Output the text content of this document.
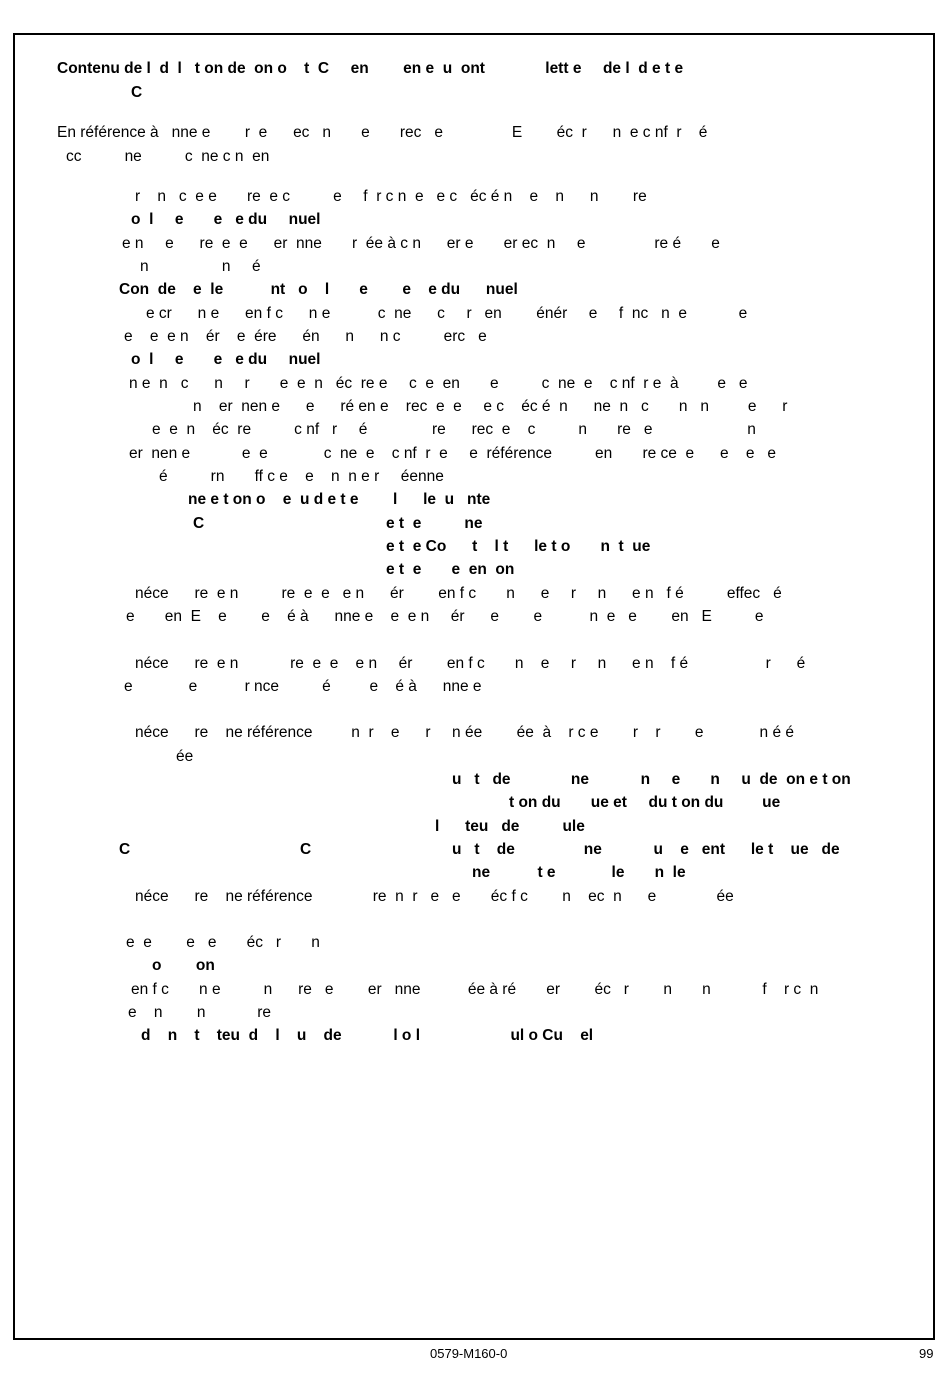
Contenu de l  d  l   t on de  on o    t  C     en        en e  u  ont              lett e     de l  d e t e
C
En référence à   nne e        r  e      ec   n       e       rec   e                E        éc  r      n  e c nf  r    é
cc          ne          c  ne c n  en
r    n   c  e e       re  e c          e     f  r c n  e   e c   éc é n    e    n      n        re
o  l     e       e   e du     nuel
e n     e      re  e  e      er  nne       r  ée à c n      er e       er ec  n     e                re é       e
n                 n     é
Con  de    e  le           nt   o    l       e        e    e du      nuel
e cr      n e      en f c      n e           c  ne      c     r   en        énér     e     f  nc   n  e            e
e    e  e n    ér    e  ére      én      n      n c          erc   e
o  l     e       e   e du     nuel
n e  n   c      n     r       e  e  n   éc  re e     c  e  en       e          c  ne  e    c nf  r e  à         e   e
n    er  nen e      e      ré en e    rec  e  e     e c    éc é  n      ne  n   c       n   n         e      r
e  e  n    éc  re          c nf   r     é               re      rec  e    c          n       re   e                      n
er  nen e            e  e             c  ne  e    c nf  r  e     e  référence          en       re ce  e      e    e   e
é          rn       ff c e    e    n  n e r     éenne
ne e t on o    e  u d e t e        l      le  u   nte
C	e t  e          ne
e t  e Co      t    l t      le t o       n  t  ue
e t  e       e  en  on
néce      re  e n          re  e  e   e n      ér        en f c       n      e     r     n      e n   f é          effec   é
e       en  E    e        e    é à      nne e    e  e n     ér      e        e           n  e   e        en   E          e
néce      re  e n            re  e  e    e n     ér        en f c       n    e     r     n      e n    f é                  r      é
e             e           r nce          é         e    é à      nne e
néce      re    ne référence         n  r    e      r     n ée        ée  à    r c e        r    r        e             n é é
ée
u   t   de              ne            n     e       n     u  de  on e t on
t on du       ue et     du t on du         ue
l      teu   de          ule
C	C	u   t    de                ne            u    e   ent      le t    ue   de
ne           t e             le       n  le
néce      re    ne référence              re  n  r   e   e       éc f c        n    ec  n      e              ée
e  e        e   e       éc   r       n
o        on
en f c       n e          n      re   e        er   nne           ée à ré       er        éc   r        n       n            f    r c  n
e    n        n            re
d    n    t    teu  d    l    u    de            l o l                     ul o Cu    el
0579-M160-0	99
